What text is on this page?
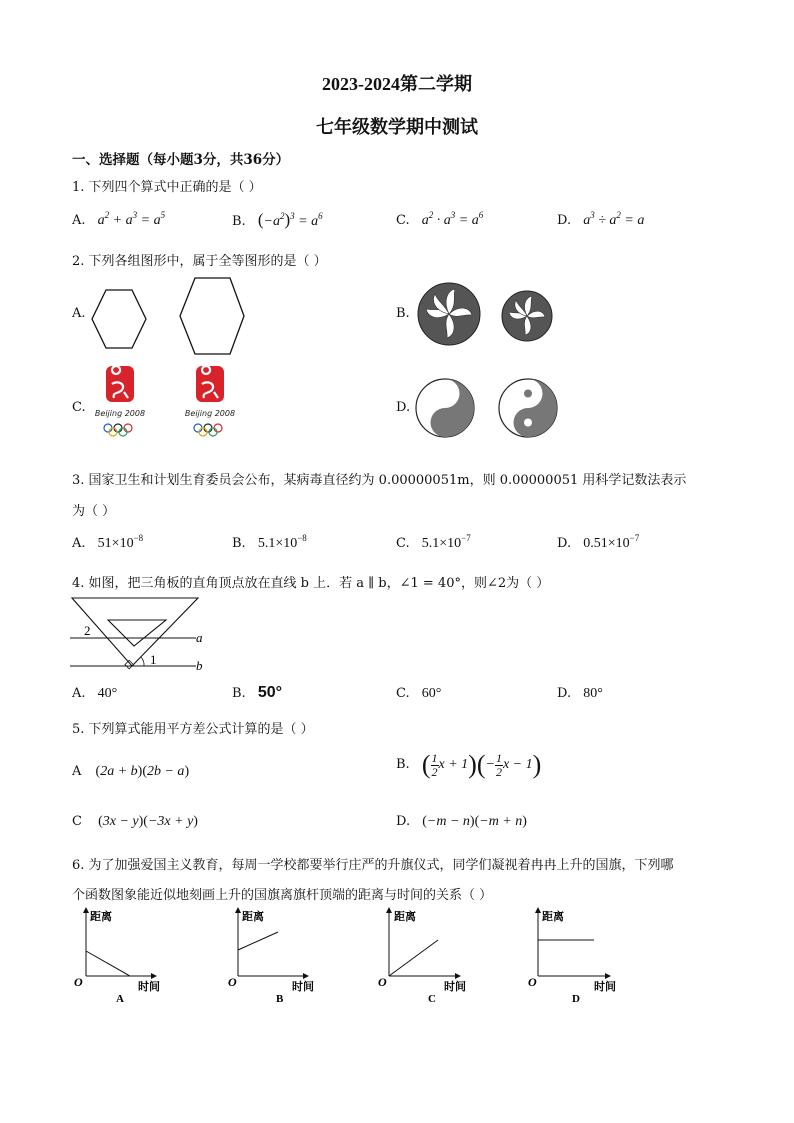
2023-2024第二学期
七年级数学期中测试
一、选择题（每小题3分，共36分）
1. 下列四个算式中正确的是（ ）
A. $a^2 + a^3 = a^5$	B. $(-a^2)^3 = a^6$	C. $a^2 \cdot a^3 = a^6$	D. $a^3 \div a^2 = a$
2. 下列各组图形中，属于全等图形的是（ ）
A.	B.
C. Beijing 2008	Beijing 2008	D.
3. 国家卫生和计划生育委员会公布，某病毒直径约为 0.00000051m，则 0.00000051 用科学记数法表示
为（ ）
A. $51\times 10^{-8}$	B. $5.1\times 10^{-8}$	C. $5.1\times 10^{-7}$	D. $0.51\times 10^{-7}$
4. 如图，把三角板的直角顶点放在直线 b 上．若 a ∥ b，∠1 = 40°，则∠2为（ ）
2
1
a
b
A. 40°	B. 50°	C. 60°	D. 80°
5. 下列算式能用平方差公式计算的是（ ）
A (2a + b)(2b − a)	B. ( $\frac{1}{2}$ $x + 1)(- \frac{1}{2}$ x − 1)
C (3x − y)(−3x + y)	D. (−m − n)(−m + n)
6. 为了加强爱国主义教育，每周一学校都要举行庄严的升旗仪式，同学们凝视着冉冉上升的国旗，下列哪
个函数图象能近似地刻画上升的国旗离旗杆顶端的距离与时间的关系（ ）
距离
O	时间
A
距离
O	时间
B
距离
O	时间
C
距离
O	时间
D
